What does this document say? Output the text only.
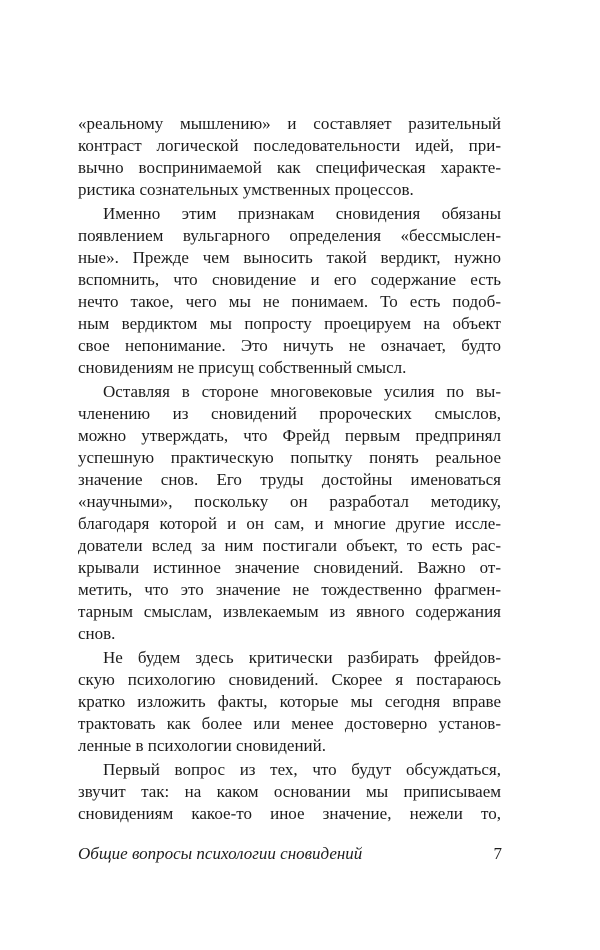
«реальному мышлению» и составляет разительный
контраст логической последовательности идей, при-
вычно воспринимаемой как специфическая характе-
ристика сознательных умственных процессов.
Именно этим признакам сновидения обязаны
появлением вульгарного определения «бессмыслен-
ные». Прежде чем выносить такой вердикт, нужно
вспомнить, что сновидение и его содержание есть
нечто такое, чего мы не понимаем. То есть подоб-
ным вердиктом мы попросту проецируем на объект
свое непонимание. Это ничуть не означает, будто
сновидениям не присущ собственный смысл.
Оставляя в стороне многовековые усилия по вы-
членению из сновидений пророческих смыслов,
можно утверждать, что Фрейд первым предпринял
успешную практическую попытку понять реальное
значение снов. Его труды достойны именоваться
«научными», поскольку он разработал методику,
благодаря которой и он сам, и многие другие иссле-
дователи вслед за ним постигали объект, то есть рас-
крывали истинное значение сновидений. Важно от-
метить, что это значение не тождественно фрагмен-
тарным смыслам, извлекаемым из явного содержания
снов.
Не будем здесь критически разбирать фрейдов-
скую психологию сновидений. Скорее я постараюсь
кратко изложить факты, которые мы сегодня вправе
трактовать как более или менее достоверно установ-
ленные в психологии сновидений.
Первый вопрос из тех, что будут обсуждаться,
звучит так: на каком основании мы приписываем
сновидениям какое-то иное значение, нежели то,
Общие вопросы психологии сновидений	7
